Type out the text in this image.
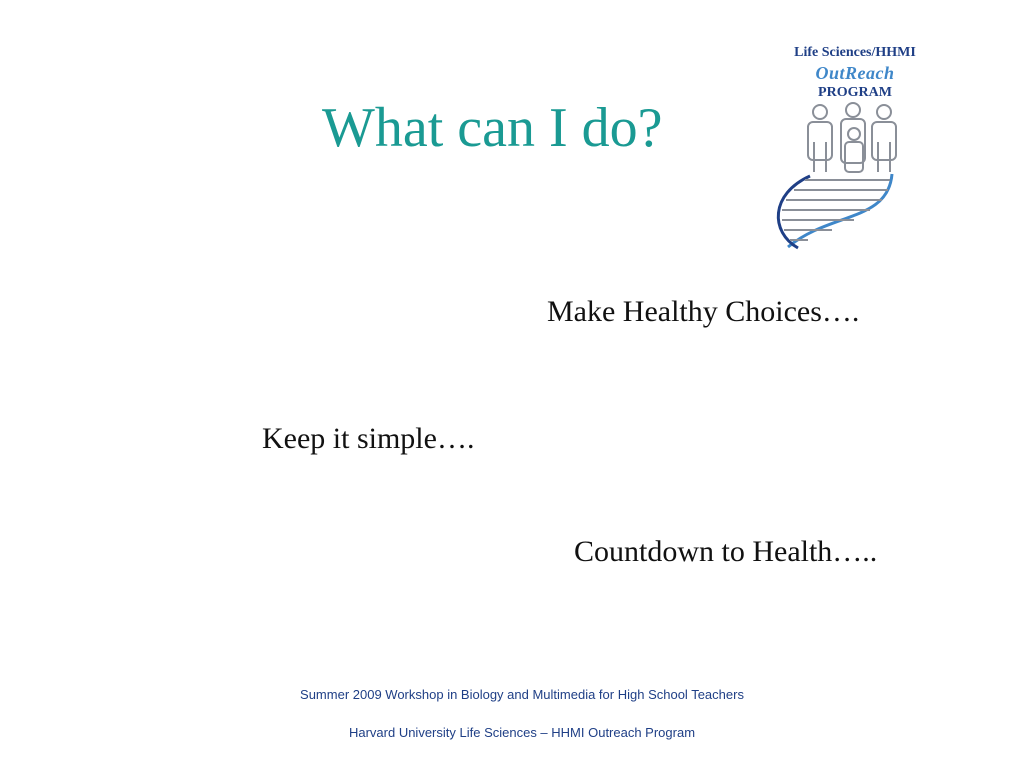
What can I do?
Make Healthy Choices….
Keep it simple….
Countdown to Health…..
Life Sciences/HHMI
OutReach
PROGRAM
Summer 2009 Workshop in Biology and Multimedia for High School Teachers
Harvard University Life Sciences – HHMI Outreach Program
